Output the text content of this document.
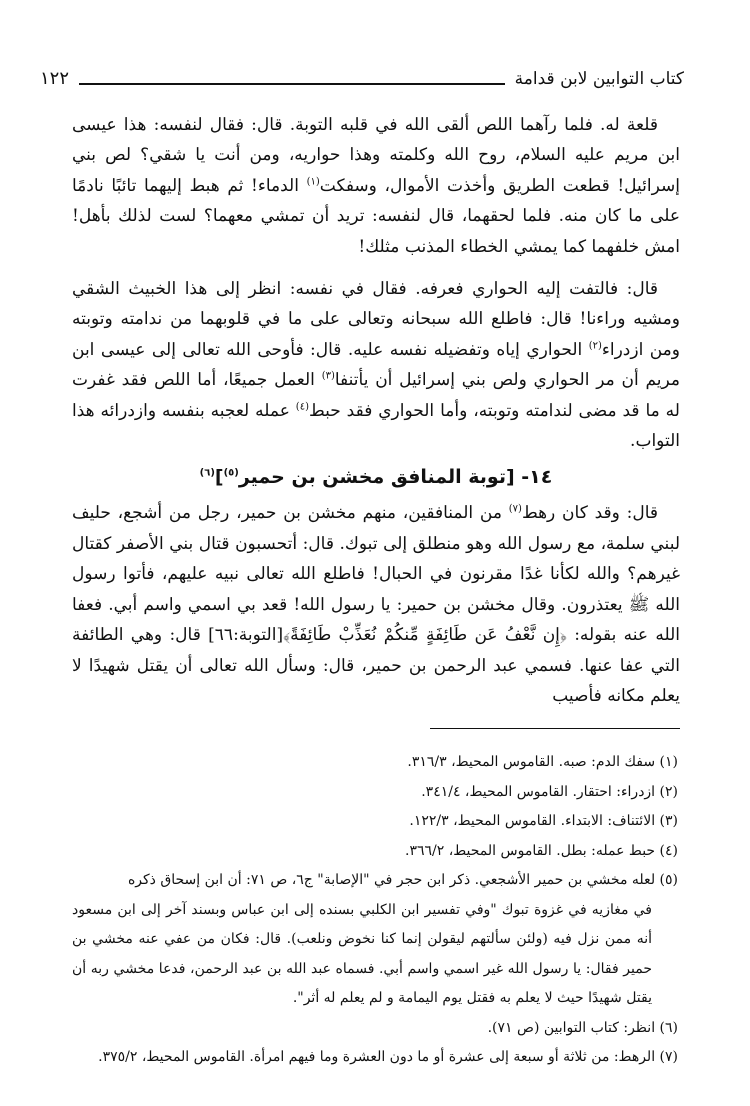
كتاب التوابين لابن قدامة
١٢٢

قلعة له. فلما رآهما اللص ألقى الله في قلبه التوبة. قال: فقال لنفسه: هذا عيسى ابن مريم عليه السلام، روح الله وكلمته وهذا حواريه، ومن أنت يا شقي؟ لص بني إسرائيل! قطعت الطريق وأخذت الأموال، وسفكت$^{(١)}$ الدماء! ثم هبط إليهما تائبًا نادمًا على ما كان منه. فلما لحقهما، قال لنفسه: تريد أن تمشي معهما؟ لست لذلك بأهل! امش خلفهما كما يمشي الخطاء المذنب مثلك!

قال: فالتفت إليه الحواري فعرفه. فقال في نفسه: انظر إلى هذا الخبيث الشقي ومشيه وراءنا! قال: فاطلع الله سبحانه وتعالى على ما في قلوبهما من ندامته وتوبته ومن ازدراء$^{(٢)}$ الحواري إياه وتفضيله نفسه عليه. قال: فأوحى الله تعالى إلى عيسى ابن مريم أن مر الحواري ولص بني إسرائيل أن يأتنفا$^{(٣)}$ العمل جميعًا، أما اللص فقد غفرت له ما قد مضى لندامته وتوبته، وأما الحواري فقد حبط$^{(٤)}$ عمله لعجبه بنفسه وازدرائه هذا التواب.

١٤- [توبة المنافق مخشن بن حمير$^{(٥)}$]$^{(٦)}$

قال: وقد كان رهط$^{(٧)}$ من المنافقين، منهم مخشن بن حمير، رجل من أشجع، حليف لبني سلمة، مع رسول الله وهو منطلق إلى تبوك. قال: أتحسبون قتال بني الأصفر كقتال غيرهم؟ والله لكأنا غدًا مقرنون في الحبال! فاطلع الله تعالى نبيه عليهم، فأتوا رسول الله ﷺ يعتذرون. وقال مخشن بن حمير: يا رسول الله! قعد بي اسمي واسم أبي. فعفا الله عنه بقوله: ﴿إِن نَّعْفُ عَن طَائِفَةٍ مِّنكُمْ نُعَذِّبْ طَائِفَةً﴾[التوبة:٦٦] قال: وهي الطائفة التي عفا عنها. فسمي عبد الرحمن بن حمير، قال: وسأل الله تعالى أن يقتل شهيدًا لا يعلم مكانه فأصيب

(١) سفك الدم: صبه. القاموس المحيط، ٣١٦/٣.

(٢) ازدراء: احتقار. القاموس المحيط، ٣٤١/٤.

(٣) الائتناف: الابتداء. القاموس المحيط، ١٢٢/٣.

(٤) حبط عمله: بطل. القاموس المحيط، ٣٦٦/٢.

(٥) لعله مخشي بن حمير الأشجعي. ذكر ابن حجر في "الإصابة" ج٦، ص ٧١: أن ابن إسحاق ذكره

في مغازيه في غزوة تبوك "وفي تفسير ابن الكلبي بسنده إلى ابن عباس وبسند آخر إلى ابن مسعود أنه ممن نزل فيه (ولئن سألتهم ليقولن إنما كنا نخوض ونلعب). قال: فكان من عفي عنه مخشي بن حمير فقال: يا رسول الله غير اسمي واسم أبي. فسماه عبد الله بن عبد الرحمن، فدعا مخشي ربه أن يقتل شهيدًا حيث لا يعلم به فقتل يوم اليمامة و لم يعلم له أثر".

(٦) انظر: كتاب التوابين (ص ٧١).

(٧) الرهط: من ثلاثة أو سبعة إلى عشرة أو ما دون العشرة وما فيهم امرأة. القاموس المحيط، ٣٧٥/٢.
